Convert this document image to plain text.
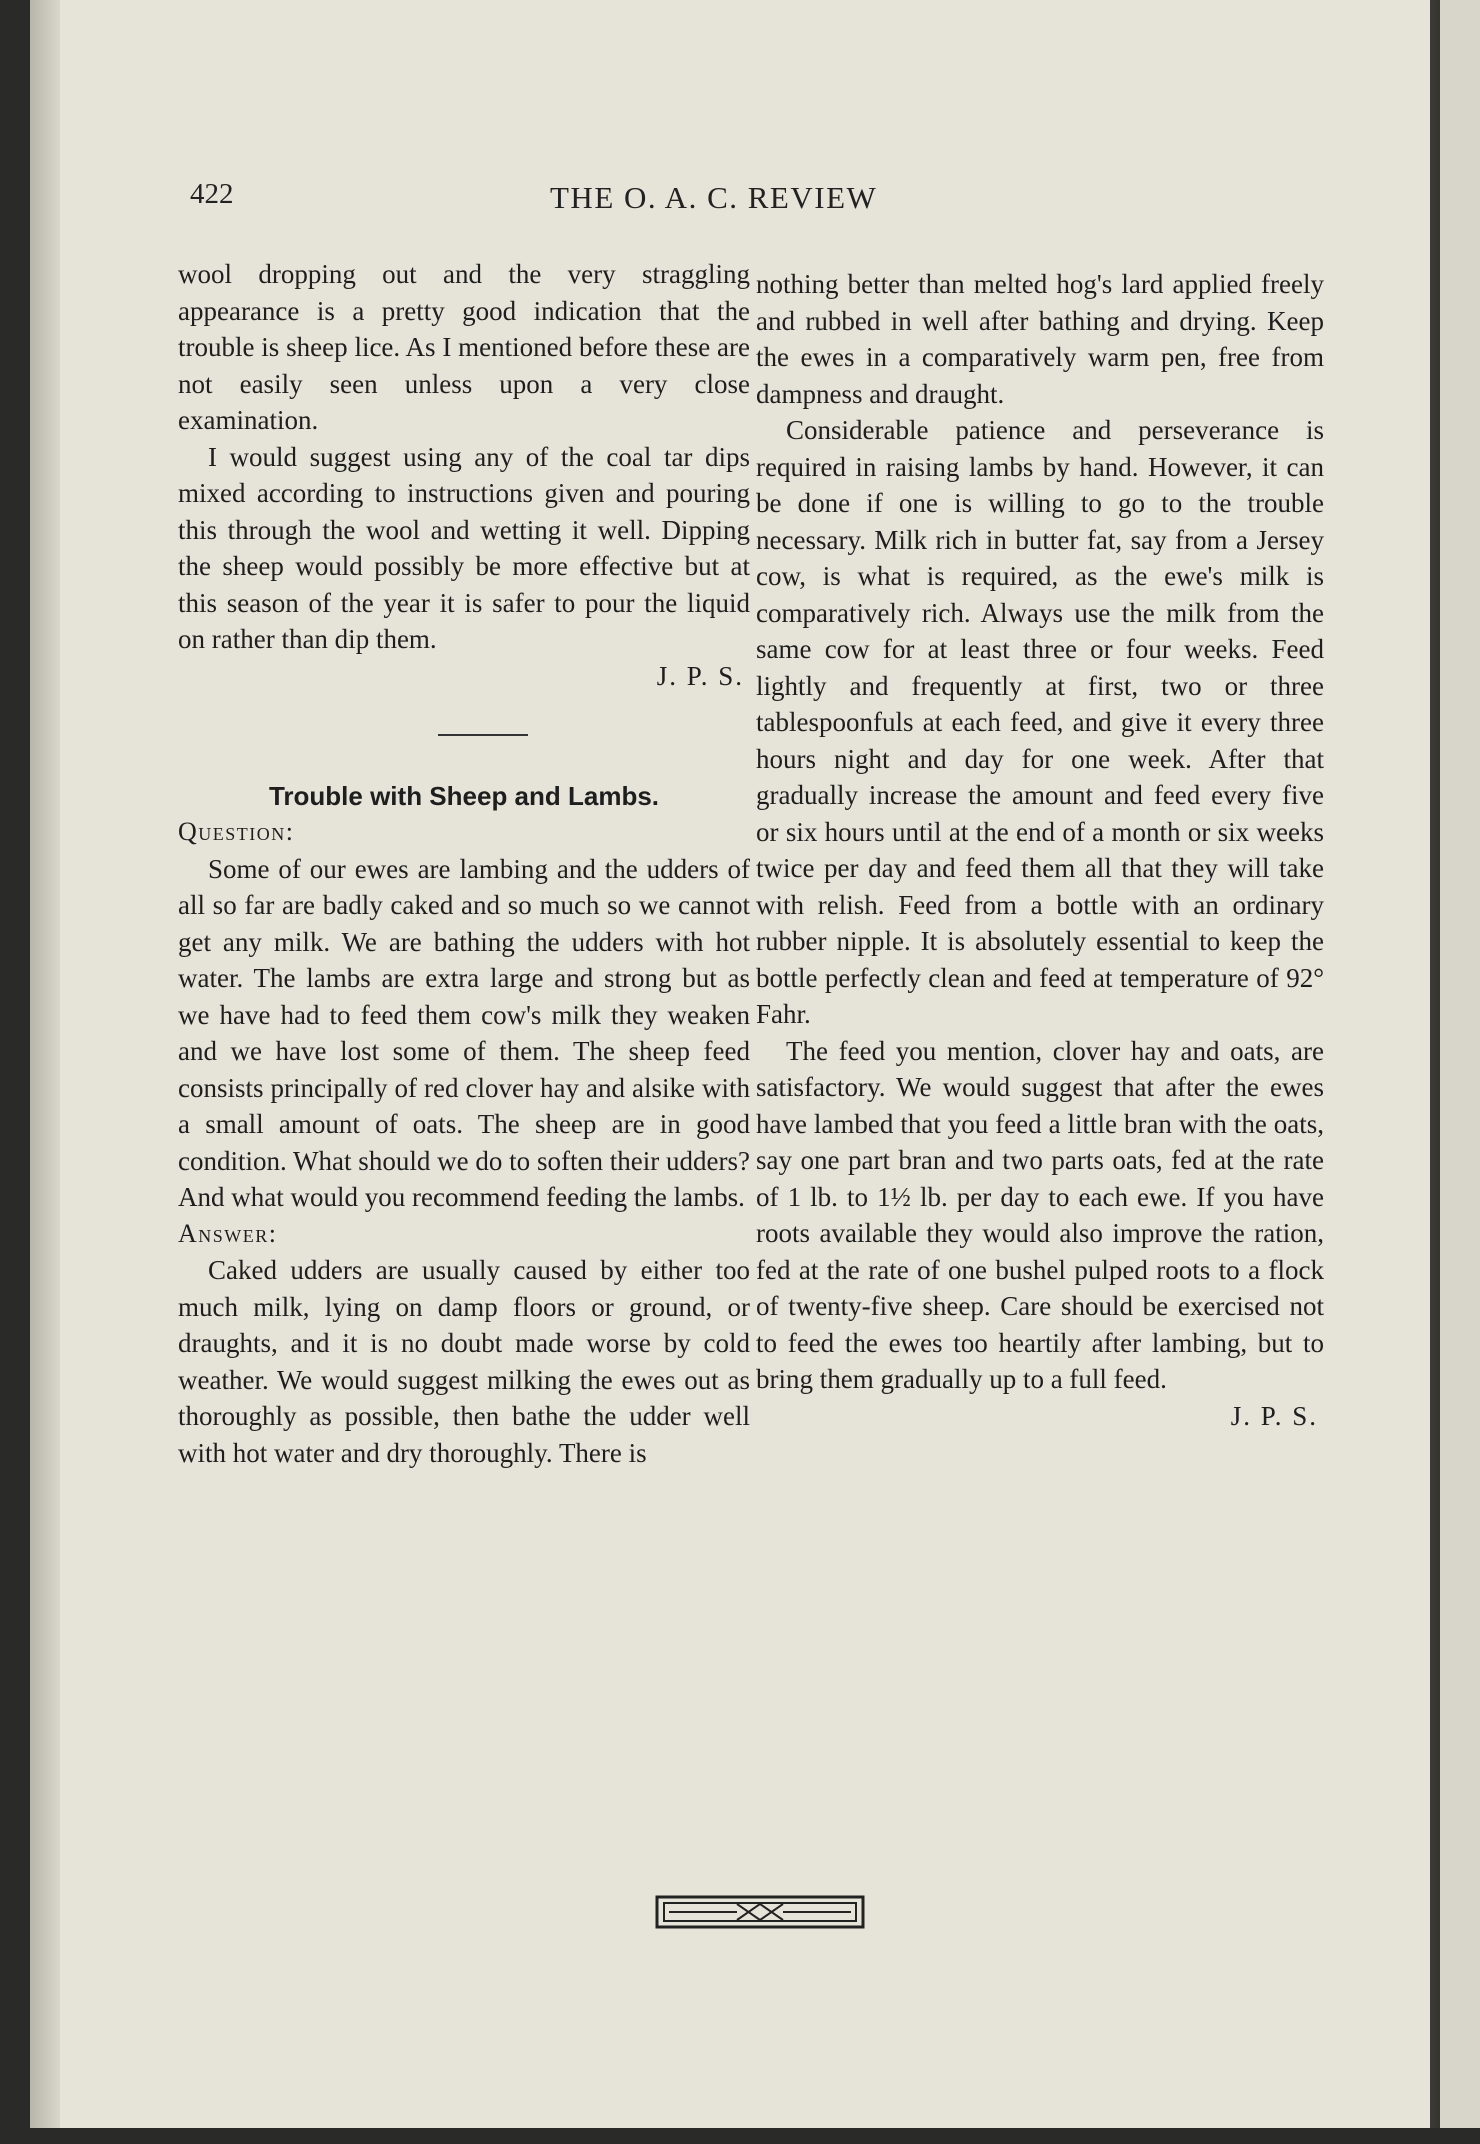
422	THE O. A. C. REVIEW

wool dropping out and the very straggling appearance is a pretty good indication that the trouble is sheep lice. As I mentioned before these are not easily seen unless upon a very close examination.

I would suggest using any of the coal tar dips mixed according to instructions given and pouring this through the wool and wetting it well. Dipping the sheep would possibly be more effective but at this season of the year it is safer to pour the liquid on rather than dip them.

J. P. S.

Trouble with Sheep and Lambs.

Question:

Some of our ewes are lambing and the udders of all so far are badly caked and so much so we cannot get any milk. We are bathing the udders with hot water. The lambs are extra large and strong but as we have had to feed them cow's milk they weaken and we have lost some of them. The sheep feed consists principally of red clover hay and alsike with a small amount of oats. The sheep are in good condition. What should we do to soften their udders? And what would you recommend feeding the lambs.

Answer:

Caked udders are usually caused by either too much milk, lying on damp floors or ground, or draughts, and it is no doubt made worse by cold weather. We would suggest milking the ewes out as thoroughly as possible, then bathe the udder well with hot water and dry thoroughly. There is

nothing better than melted hog's lard applied freely and rubbed in well after bathing and drying. Keep the ewes in a comparatively warm pen, free from dampness and draught.

Considerable patience and perseverance is required in raising lambs by hand. However, it can be done if one is willing to go to the trouble necessary. Milk rich in butter fat, say from a Jersey cow, is what is required, as the ewe's milk is comparatively rich. Always use the milk from the same cow for at least three or four weeks. Feed lightly and frequently at first, two or three tablespoonfuls at each feed, and give it every three hours night and day for one week. After that gradually increase the amount and feed every five or six hours until at the end of a month or six weeks twice per day and feed them all that they will take with relish. Feed from a bottle with an ordinary rubber nipple. It is absolutely essential to keep the bottle perfectly clean and feed at temperature of 92° Fahr.

The feed you mention, clover hay and oats, are satisfactory. We would suggest that after the ewes have lambed that you feed a little bran with the oats, say one part bran and two parts oats, fed at the rate of 1 lb. to 1½ lb. per day to each ewe. If you have roots available they would also improve the ration, fed at the rate of one bushel pulped roots to a flock of twenty-five sheep. Care should be exercised not to feed the ewes too heartily after lambing, but to bring them gradually up to a full feed.

J. P. S.
